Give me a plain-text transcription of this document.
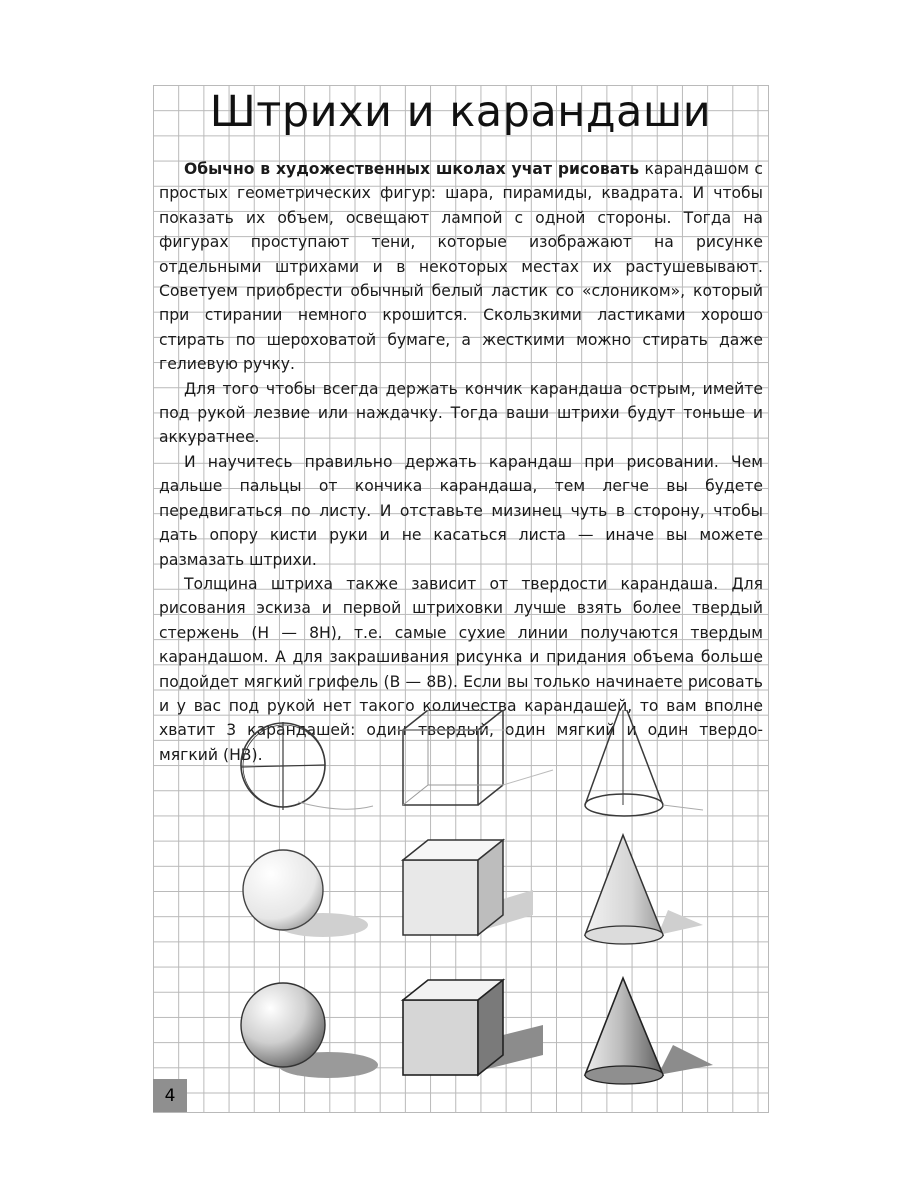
Штрихи и карандаши

Обычно в художественных школах учат рисовать карандашом с простых геометрических фигур: шара, пирамиды, квадрата. И чтобы показать их объем, освещают лампой с одной стороны. Тогда на фигурах проступают тени, которые изображают на рисунке отдельными штрихами и в некоторых местах их растушевывают. Советуем приобрести обычный белый ластик со «слоником», который при стирании немного крошится. Скользкими ластиками хорошо стирать по шероховатой бумаге, а жесткими можно стирать даже гелиевую ручку.

Для того чтобы всегда держать кончик карандаша острым, имейте под рукой лезвие или наждачку. Тогда ваши штрихи будут тоньше и аккуратнее.

И научитесь правильно держать карандаш при рисовании. Чем дальше пальцы от кончика карандаша, тем легче вы будете передвигаться по листу. И отставьте мизинец чуть в сторону, чтобы дать опору кисти руки и не касаться листа — иначе вы можете размазать штрихи.

Толщина штриха также зависит от твердости карандаша. Для рисования эскиза и первой штриховки лучше взять более твердый стержень (Н — 8Н), т.е. самые сухие линии получаются твердым карандашом. А для закрашивания рисунка и придания объема больше подойдет мягкий грифель (В — 8В). Если вы только начинаете рисовать и у вас под рукой нет такого количества карандашей, то вам вполне хватит 3 карандашей: один твердый, один мягкий и один твердо-мягкий (НВ).

4
